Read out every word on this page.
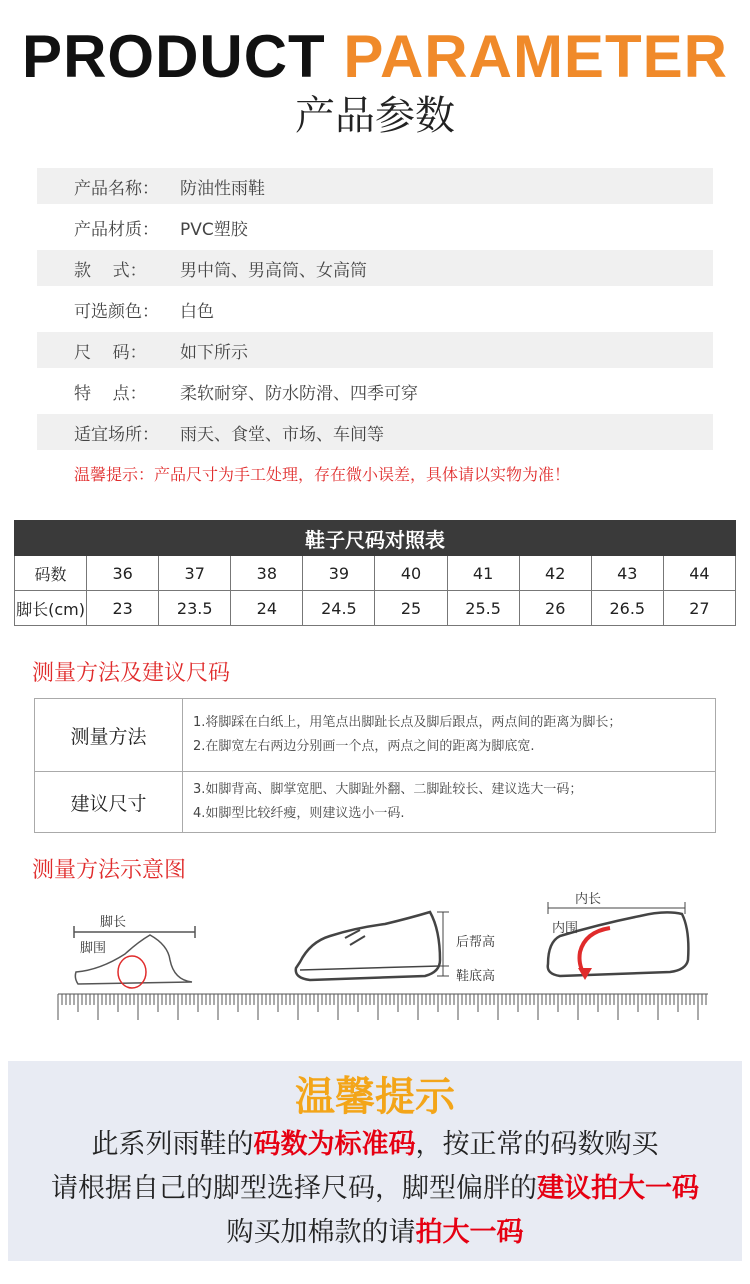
PRODUCT PARAMETER
产品参数
产品名称：	防油性雨鞋
产品材质：	PVC塑胶
款    式：	男中筒、男高筒、女高筒
可选颜色：	白色
尺    码：	如下所示
特    点：	柔软耐穿、防水防滑、四季可穿
适宜场所：	雨天、食堂、市场、车间等
温馨提示：产品尺寸为手工处理，存在微小误差，具体请以实物为准！
鞋子尺码对照表									
码数	36	37	38	39	40	41	42	43	44
脚长(cm)	23	23.5	24	24.5	25	25.5	26	26.5	27
测量方法及建议尺码
测量方法	1.将脚踩在白纸上，用笔点出脚趾长点及脚后跟点，两点间的距离为脚长；
2.在脚宽左右两边分别画一个点，两点之间的距离为脚底宽.

建议尺寸	3.如脚背高、脚掌宽肥、大脚趾外翻、二脚趾较长、建议选大一码；
4.如脚型比较纤瘦，则建议选小一码.
测量方法示意图
脚长
脚围	后帮高
鞋底高
内长
内围
温馨提示
此系列雨鞋的码数为标准码，按正常的码数购买
请根据自己的脚型选择尺码，脚型偏胖的建议拍大一码
购买加棉款的请拍大一码
